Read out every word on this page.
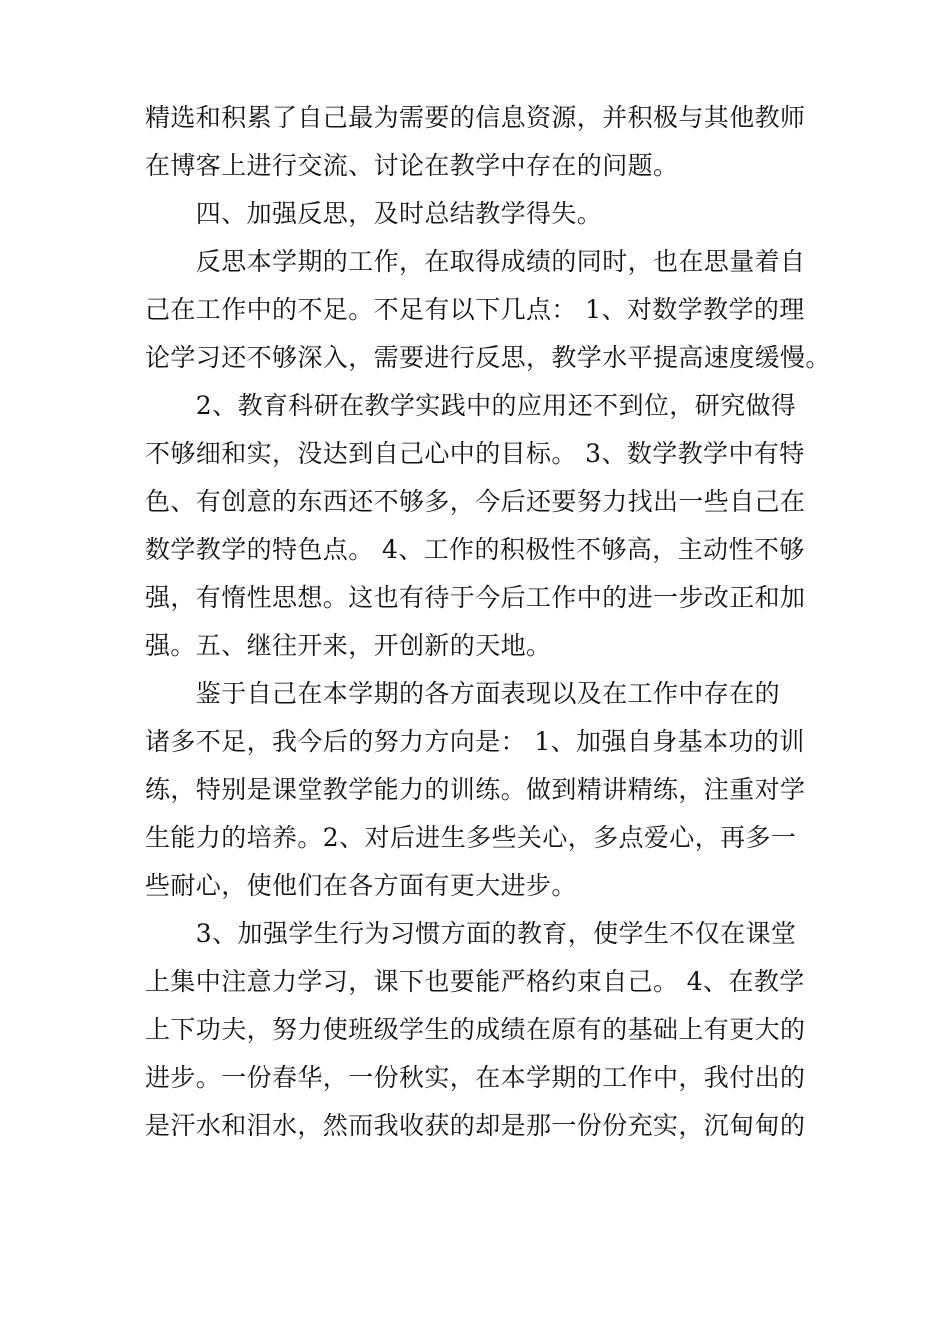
精选和积累了自己最为需要的信息资源，并积极与其他教师
在博客上进行交流、讨论在教学中存在的问题。
　　四、加强反思，及时总结教学得失。
　　反思本学期的工作，在取得成绩的同时，也在思量着自
己在工作中的不足。不足有以下几点： 1、对数学教学的理
论学习还不够深入，需要进行反思，教学水平提高速度缓慢。
　　2、教育科研在教学实践中的应用还不到位，研究做得
不够细和实，没达到自己心中的目标。 3、数学教学中有特
色、有创意的东西还不够多，今后还要努力找出一些自己在
数学教学的特色点。 4、工作的积极性不够高，主动性不够
强，有惰性思想。这也有待于今后工作中的进一步改正和加
强。五、继往开来，开创新的天地。
　　鉴于自己在本学期的各方面表现以及在工作中存在的
诸多不足，我今后的努力方向是： 1、加强自身基本功的训
练，特别是课堂教学能力的训练。做到精讲精练，注重对学
生能力的培养。2、对后进生多些关心，多点爱心，再多一
些耐心，使他们在各方面有更大进步。
　　3、加强学生行为习惯方面的教育，使学生不仅在课堂
上集中注意力学习，课下也要能严格约束自己。 4、在教学
上下功夫，努力使班级学生的成绩在原有的基础上有更大的
进步。一份春华，一份秋实，在本学期的工作中，我付出的
是汗水和泪水，然而我收获的却是那一份份充实，沉甸甸的
